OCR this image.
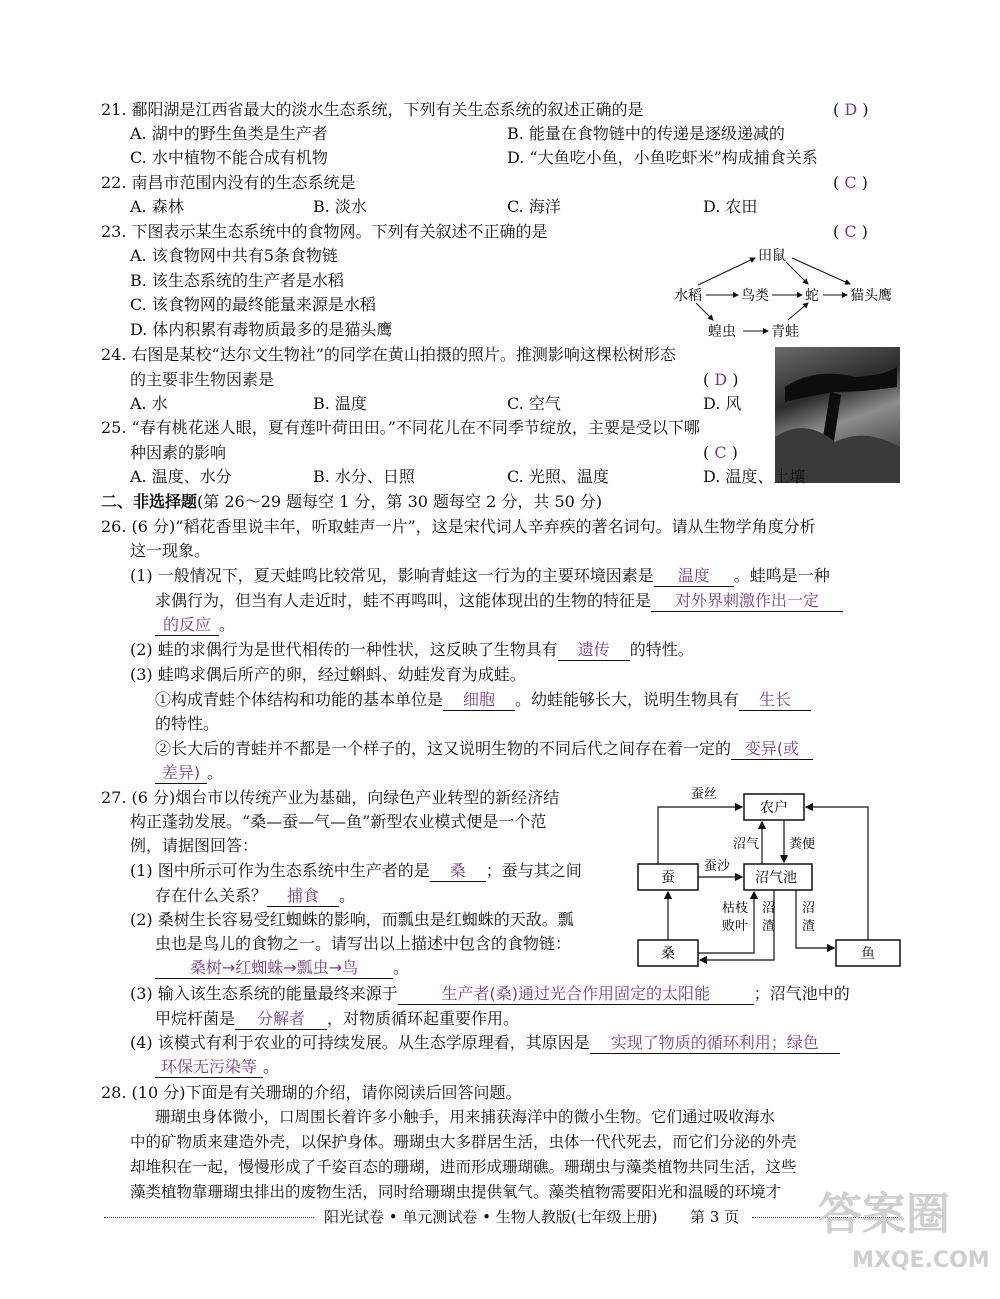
21. 鄱阳湖是江西省最大的淡水生态系统，下列有关生态系统的叙述正确的是	( D )
A. 湖中的野生鱼类是生产者	B. 能量在食物链中的传递是逐级递减的
C. 水中植物不能合成有机物	D. “大鱼吃小鱼，小鱼吃虾米”构成捕食关系
22. 南昌市范围内没有的生态系统是	( C )
A. 森林	B. 淡水	C. 海洋	D. 农田
23. 下图表示某生态系统中的食物网。下列有关叙述不正确的是	( C )
A. 该食物网中共有5条食物链
B. 该生态系统的生产者是水稻
C. 该食物网的最终能量来源是水稻
D. 体内积累有毒物质最多的是猫头鹰
田鼠
水稻	鸟类	蛇 猫头鹰
蝗虫	青蛙
24. 右图是某校“达尔文生物社”的同学在黄山拍摄的照片。推测影响这棵松树形态
的主要非生物因素是	( D )
A. 水	B. 温度	C. 空气	D. 风
25. “春有桃花迷人眼，夏有莲叶荷田田。”不同花儿在不同季节绽放，主要是受以下哪
种因素的影响	( C )
A. 温度、水分	B. 水分、日照	C. 光照、温度	D. 温度、土壤
二、非选择题(第 26～29 题每空 1 分，第 30 题每空 2 分，共 50 分)
26. (6 分)“稻花香里说丰年，听取蛙声一片”，这是宋代词人辛弃疾的著名词句。请从生物学角度分析
这一现象。
(1) 一般情况下，夏天蛙鸣比较常见，影响青蛙这一行为的主要环境因素是 温度 。蛙鸣是一种
求偶行为，但当有人走近时，蛙不再鸣叫，这能体现出的生物的特征是 对外界刺激作出一定
的反应 。
(2) 蛙的求偶行为是世代相传的一种性状，这反映了生物具有 遗传 的特性。
(3) 蛙鸣求偶后所产的卵，经过蝌蚪、幼蛙发育为成蛙。
①构成青蛙个体结构和功能的基本单位是 细胞 。幼蛙能够长大，说明生物具有 生长
的特性。
②长大后的青蛙并不都是一个样子的，这又说明生物的不同后代之间存在着一定的 变异(或
差异) 。
27. (6 分)烟台市以传统产业为基础，向绿色产业转型的新经济结
构正蓬勃发展。“桑—蚕—气—鱼”新型农业模式便是一个范
例，请据图回答：
(1) 图中所示可作为生态系统中生产者的是 桑 ；蚕与其之间
存在什么关系？ 捕食 。
(2) 桑树生长容易受红蜘蛛的影响，而瓢虫是红蜘蛛的天敌。瓢
虫也是鸟儿的食物之一。请写出以上描述中包含的食物链：
桑树→红蜘蛛→瓢虫→鸟 。
(3) 输入该生态系统的能量最终来源于	生产者(桑)通过光合作用固定的太阳能	；沼气池中的
甲烷杆菌是 分解者 ，对物质循环起重要作用。
(4) 该模式有利于农业的可持续发展。从生态学原理看，其原因是 实现了物质的循环利用；绿色
环保无污染等 。
农户
蚕	沼气池
桑	鱼
蚕丝
沼气 粪便
蚕沙
枯枝
败叶
沼
渣
沼
渣
28. (10 分)下面是有关珊瑚的介绍，请你阅读后回答问题。
珊瑚虫身体微小，口周围长着许多小触手，用来捕获海洋中的微小生物。它们通过吸收海水
中的矿物质来建造外壳，以保护身体。珊瑚虫大多群居生活，虫体一代代死去，而它们分泌的外壳
却堆积在一起，慢慢形成了千姿百态的珊瑚，进而形成珊瑚礁。珊瑚虫与藻类植物共同生活，这些
藻类植物靠珊瑚虫排出的废物生活，同时给珊瑚虫提供氧气。藻类植物需要阳光和温暖的环境才
阳光试卷 • 单元测试卷 • 生物人教版(七年级上册) 第 3 页 答案圈
MXQE.COM
